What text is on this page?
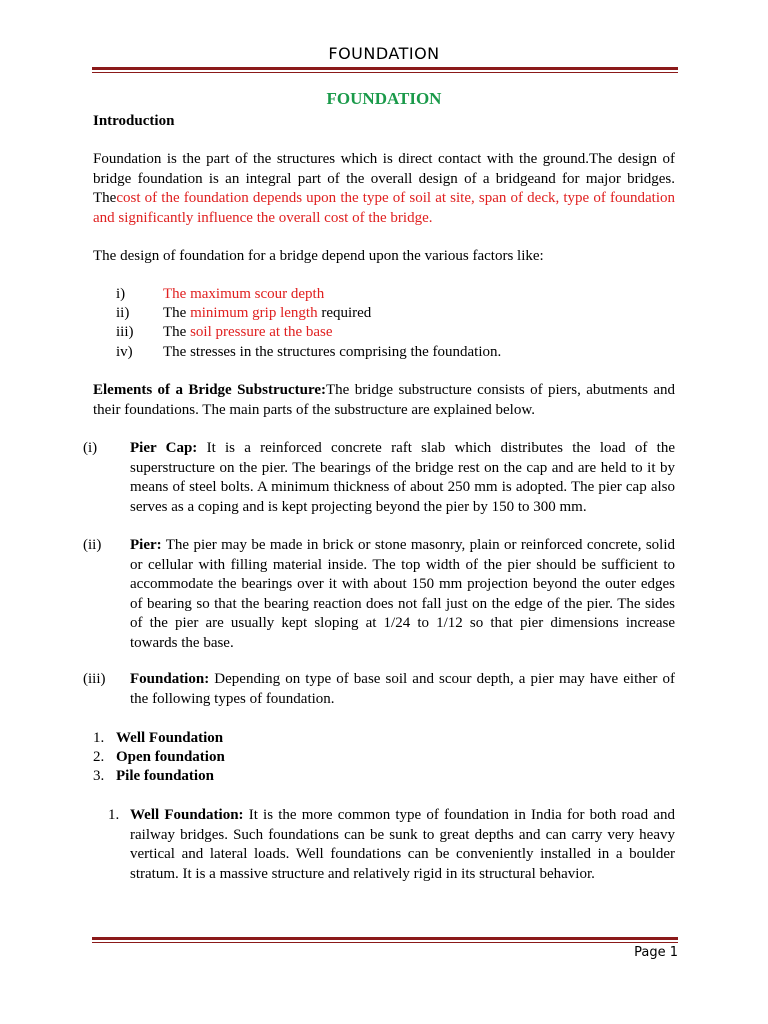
FOUNDATION
FOUNDATION
Introduction
Foundation is the part of the structures which is direct contact with the ground.The design of bridge foundation is an integral part of the overall design of a bridgeand for major bridges. Thecost of the foundation depends upon the type of soil at site, span of deck, type of foundation and significantly influence the overall cost of the bridge.
The design of foundation for a bridge depend upon the various factors like:
i)	The maximum scour depth
ii) The minimum grip length required
iii) The soil pressure at the base
iv) The stresses in the structures comprising the foundation.
Elements of a Bridge Substructure:The bridge substructure consists of piers, abutments and their foundations. The main parts of the substructure are explained below.
(i) Pier Cap: It is a reinforced concrete raft slab which distributes the load of the superstructure on the pier. The bearings of the bridge rest on the cap and are held to it by means of steel bolts. A minimum thickness of about 250 mm is adopted. The pier cap also serves as a coping and is kept projecting beyond the pier by 150 to 300 mm.
(ii) Pier: The pier may be made in brick or stone masonry, plain or reinforced concrete, solid or cellular with filling material inside. The top width of the pier should be sufficient to accommodate the bearings over it with about 150 mm projection beyond the outer edges of bearing so that the bearing reaction does not fall just on the edge of the pier. The sides of the pier are usually kept sloping at 1/24 to 1/12 so that pier dimensions increase towards the base.
(iii) Foundation: Depending on type of base soil and scour depth, a pier may have either of the following types of foundation.
1. Well Foundation
2. Open foundation
3. Pile foundation
1. Well Foundation: It is the more common type of foundation in India for both road and railway bridges. Such foundations can be sunk to great depths and can carry very heavy vertical and lateral loads. Well foundations can be conveniently installed in a boulder stratum. It is a massive structure and relatively rigid in its structural behavior.
Page 1
